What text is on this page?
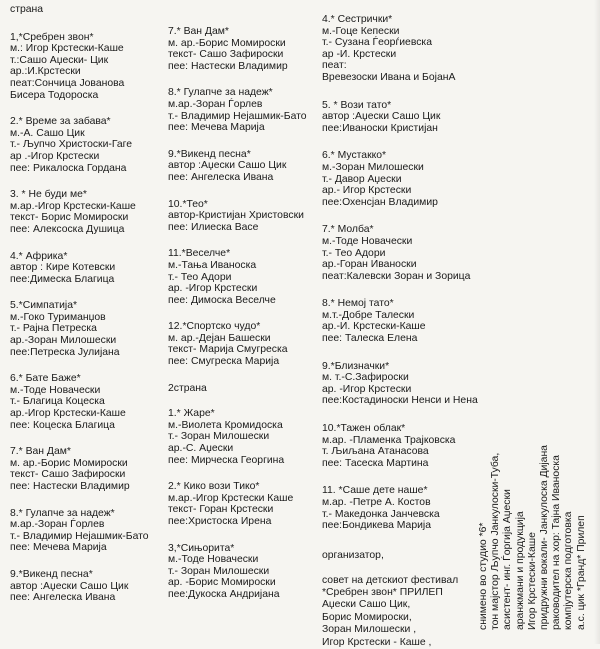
страна
1,*Сребрен звон*
м.: Игор Крстески-Каше
т.:Сашо Аџески- Цик
ар.:И.Крстески
пеат:Сончица Јованова
Бисера Тодороска
2.* Време за забава*
м.-А. Сашо Цик
т.- Љупчо Христоски-Гаге
ар .-Игор Крстески
пее: Рикалоска Гордана
3. * Не буди ме*
м.ар.-Игор Крстески-Каше
текст- Борис Момироски
пее: Алексоска Душица
4.* Африка*
автор : Кире Котевски
пее:Димеска Благица
5.*Симпатија*
м.-Гоко Туриманџов
т.- Рајна Петреска
ар.-Зоран Милошески
пее:Петреска Јулијана
6.* Бате Баже*
м.-Тоде Новачески
т.- Благица Коцеска
ар.-Игор Крстески-Каше
пее: Коцеска Благица
7.* Ван Дам*
м. ар.-Борис Момироски
текст- Сашо Зафироски
пее: Настески Владимир
8.* Гулапче за надеж*
м.ар.-Зоран Ѓорлев
т.- Владимир Нејашмик-Бато
пее: Мечева Марија
9.*Викенд песна*
автор :Аџески Сашо Цик
пее: Ангелеска Ивана
7.* Ван Дам*
м. ар.-Борис Момироски
текст- Сашо Зафироски
пее: Настески Владимир
8.* Гулапче за надеж*
м.ар.-Зоран Ѓорлев
т.- Владимир Нејашмик-Бато
пее: Мечева Марија
9.*Викенд песна*
автор :Аџески Сашо Цик
пее: Ангелеска Ивана
10.*Тео*
автор-Кристијан Христовски
пее: Илиеска Васе
11.*Веселче*
м.-Тања Иваноска
т.- Тео Адори
ар. -Игор Крстески
пее: Димоска Веселче
12.*Спортско чудо*
м. ар.-Дејан Башески
текст- Марија Смугреска
пее: Смугреска Марија
2страна
1.* Жаре*
м.-Виолета Кромидоска
т.- Зоран Милошески
ар.-С. Аџески
пее: Мирческа Георгина
2.* Кико вози Тико*
м.ар.-Игор Крстески Каше
текст- Горан Крстески
пее:Христоска Ирена
3,*Сињорита*
м.-Тоде Новачески
т.- Зоран Милошески
ар. -Борис Момироски
пее:Дукоска Андријана
4.* Сестрички*
м.-Гоце Кепески
т.- Сузана Ѓеорѓиевска
ар -И. Крстески
пеат:
Вревезоски Ивана и БојанА
5. * Вози тато*
автор :Аџески Сашо Цик
пее:Иваноски Кристијан
6.* Мустакко*
м.-Зоран Милошески
т.- Давор Аџески
ар.- Игор Крстески
пее:Охенсјан Владимир
7.* Молба*
м.-Тоде Новачески
т.- Тео Адори
ар.-Горан Иваноски
пеат:Калевски Зоран и Зорица
8.* Немој тато*
м.т.-Добре Талески
ар.-И. Крстески-Каше
пее: Талеска Елена
9.*Близначки*
м. т.-С.Зафироски
ар. -Игор Крстески
пее:Костадиноски Ненси и Нена
10.*Тажен облак*
м.ар. -Пламенка Трајковска
т. Љиљана Атанасова
пее: Тасеска Мартина
11. *Саше дете наше*
м.ар. -Петре А. Костов
т.- Македонка Јанчевска
пее:Бондикева Марија
организатор,

совет на детскиот фестивал
*Сребрен звон* ПРИЛЕП
Аџески Сашо Цик,
Борис Момироски,
Зоран Милошески ,
Игор Крстески - Каше ,
снимено во студио *6* тон мајстор Љупчо Јанкулоски-Туба, асистент- инг. Ѓоргија Аџески аранжмани и продукција Игор Крстески-Каше придружни вокали- Јанкулоска Дијана раководител на хор: Тајна Иваноска компјутерска подготовка а.с. цик *Гранд* Прилеп
